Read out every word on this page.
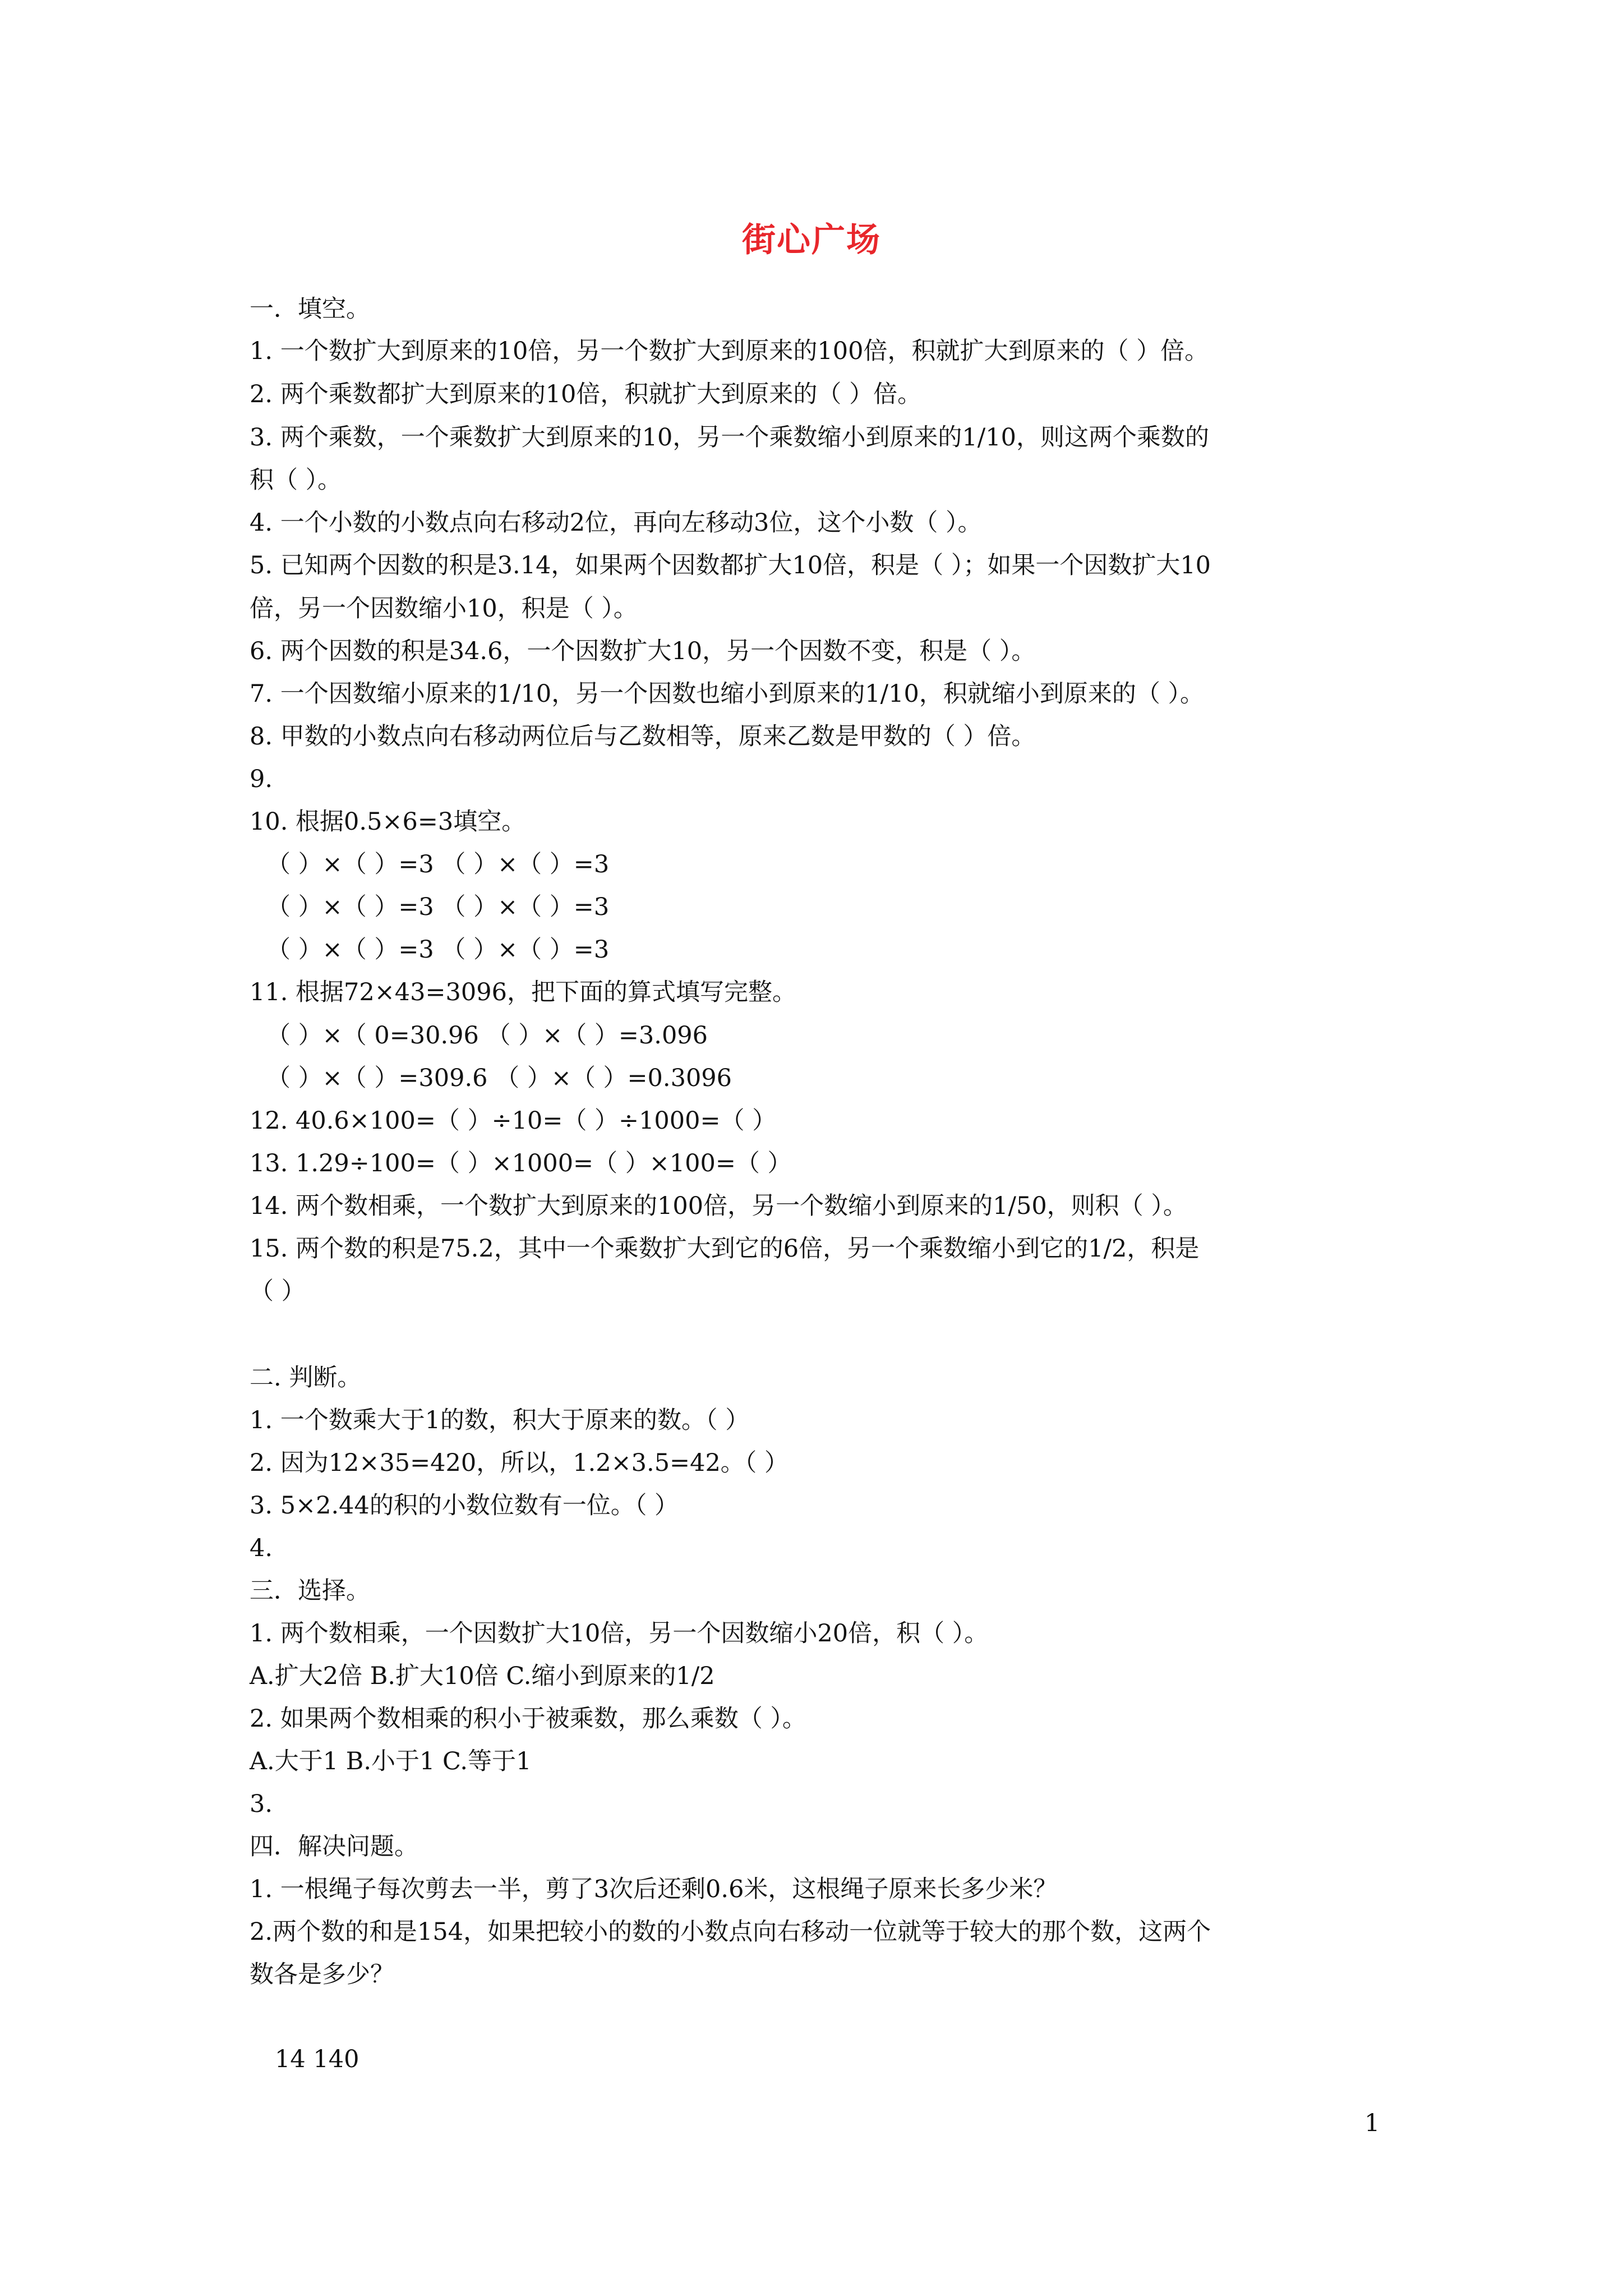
街心广场
一．填空。
1. 一个数扩大到原来的10倍，另一个数扩大到原来的100倍，积就扩大到原来的（ ）倍。
2. 两个乘数都扩大到原来的10倍，积就扩大到原来的（ ）倍。
3. 两个乘数，一个乘数扩大到原来的10，另一个乘数缩小到原来的1/10，则这两个乘数的
积（ ）。
4. 一个小数的小数点向右移动2位，再向左移动3位，这个小数（ ）。
5. 已知两个因数的积是3.14，如果两个因数都扩大10倍，积是（ ）；如果一个因数扩大10
倍，另一个因数缩小10，积是（ ）。
6. 两个因数的积是34.6，一个因数扩大10，另一个因数不变，积是（ ）。
7. 一个因数缩小原来的1/10，另一个因数也缩小到原来的1/10，积就缩小到原来的（ ）。
8. 甲数的小数点向右移动两位后与乙数相等，原来乙数是甲数的（ ）倍。
9.
10. 根据0.5×6=3填空。
（ ）×（ ）=3 （ ）×（ ）=3
（ ）×（ ）=3 （ ）×（ ）=3
（ ）×（ ）=3 （ ）×（ ）=3
11. 根据72×43=3096，把下面的算式填写完整。
（ ）×（ 0=30.96 （ ）×（ ）=3.096
（ ）×（ ）=309.6 （ ）×（ ）=0.3096
12. 40.6×100=（ ）÷10=（ ）÷1000=（ ）
13. 1.29÷100=（ ）×1000=（ ）×100=（ ）
14. 两个数相乘，一个数扩大到原来的100倍，另一个数缩小到原来的1/50，则积（ ）。
15. 两个数的积是75.2，其中一个乘数扩大到它的6倍，另一个乘数缩小到它的1/2，积是
（ ）
二. 判断。
1. 一个数乘大于1的数，积大于原来的数。（ ）
2. 因为12×35=420，所以，1.2×3.5=42。（ ）
3. 5×2.44的积的小数位数有一位。（ ）
4.
三．选择。
1. 两个数相乘，一个因数扩大10倍，另一个因数缩小20倍，积（ ）。
A.扩大2倍 B.扩大10倍 C.缩小到原来的1/2
2. 如果两个数相乘的积小于被乘数，那么乘数（ ）。
A.大于1 B.小于1 C.等于1
3.
四．解决问题。
1. 一根绳子每次剪去一半，剪了3次后还剩0.6米，这根绳子原来长多少米？
2.两个数的和是154，如果把较小的数的小数点向右移动一位就等于较大的那个数，这两个
数各是多少？
14 140
1
